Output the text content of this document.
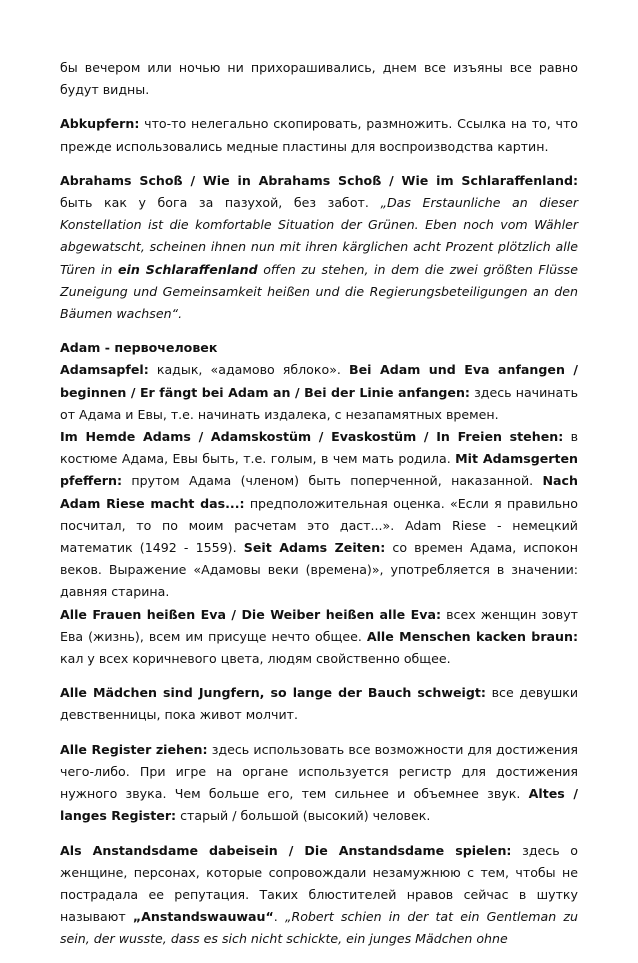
бы вечером или ночью ни прихорашивались, днем все изъяны все равно будут видны.

Abkupfern: что-то нелегально скопировать, размножить. Ссылка на то, что прежде использовались медные пластины для воспроизводства картин.

Abrahams Schoß / Wie in Abrahams Schoß / Wie im Schlaraffenland: быть как у бога за пазухой, без забот. „Das Erstaunliche an dieser Konstellation ist die komfortable Situation der Grünen. Eben noch vom Wähler abgewatscht, scheinen ihnen nun mit ihren kärglichen acht Prozent plötzlich alle Türen in ein Schlaraffenland offen zu stehen, in dem die zwei größten Flüsse Zuneigung und Gemeinsamkeit heißen und die Regierungsbeteiligungen an den Bäumen wachsen“.

Adam - первочеловек
Adamsapfel: кадык, «адамово яблоко». Bei Adam und Eva anfangen / beginnen / Er fängt bei Adam an / Bei der Linie anfangen: здесь начинать от Адама и Евы, т.е. начинать издалека, с незапамятных времен.
Im Hemde Adams / Adamskostüm / Evaskostüm / In Freien stehen: в костюме Адама, Евы быть, т.е. голым, в чем мать родила. Mit Adamsgerten pfeffern: прутом Адама (членом) быть поперченной, наказанной. Nach Adam Riese macht das...: предположительная оценка. «Если я правильно посчитал, то по моим расчетам это даст...». Adam Riese - немецкий математик (1492 - 1559). Seit Adams Zeiten: со времен Адама, испокон веков. Выражение «Адамовы веки (времена)», употребляется в значении: давняя старина.
Alle Frauen heißen Eva / Die Weiber heißen alle Eva: всех женщин зовут Ева (жизнь), всем им присуще нечто общее. Alle Menschen kacken braun: кал у всех коричневого цвета, людям свойственно общее.

Alle Mädchen sind Jungfern, so lange der Bauch schweigt: все девушки девственницы, пока живот молчит.

Alle Register ziehen: здесь использовать все возможности для достижения чего-либо. При игре на органе используется регистр для достижения нужного звука. Чем больше его, тем сильнее и объемнее звук. Altes / langes Register: старый / большой (высокий) человек.

Als Anstandsdame dabeisein / Die Anstandsdame spielen: здесь о женщине, персонах, которые сопровождали незамужнюю с тем, чтобы не пострадала ее репутация. Таких блюстителей нравов сейчас в шутку называют „Anstandswauwau“. „Robert schien in der tat ein Gentleman zu sein, der wusste, dass es sich nicht schickte, ein junges Mädchen ohne
